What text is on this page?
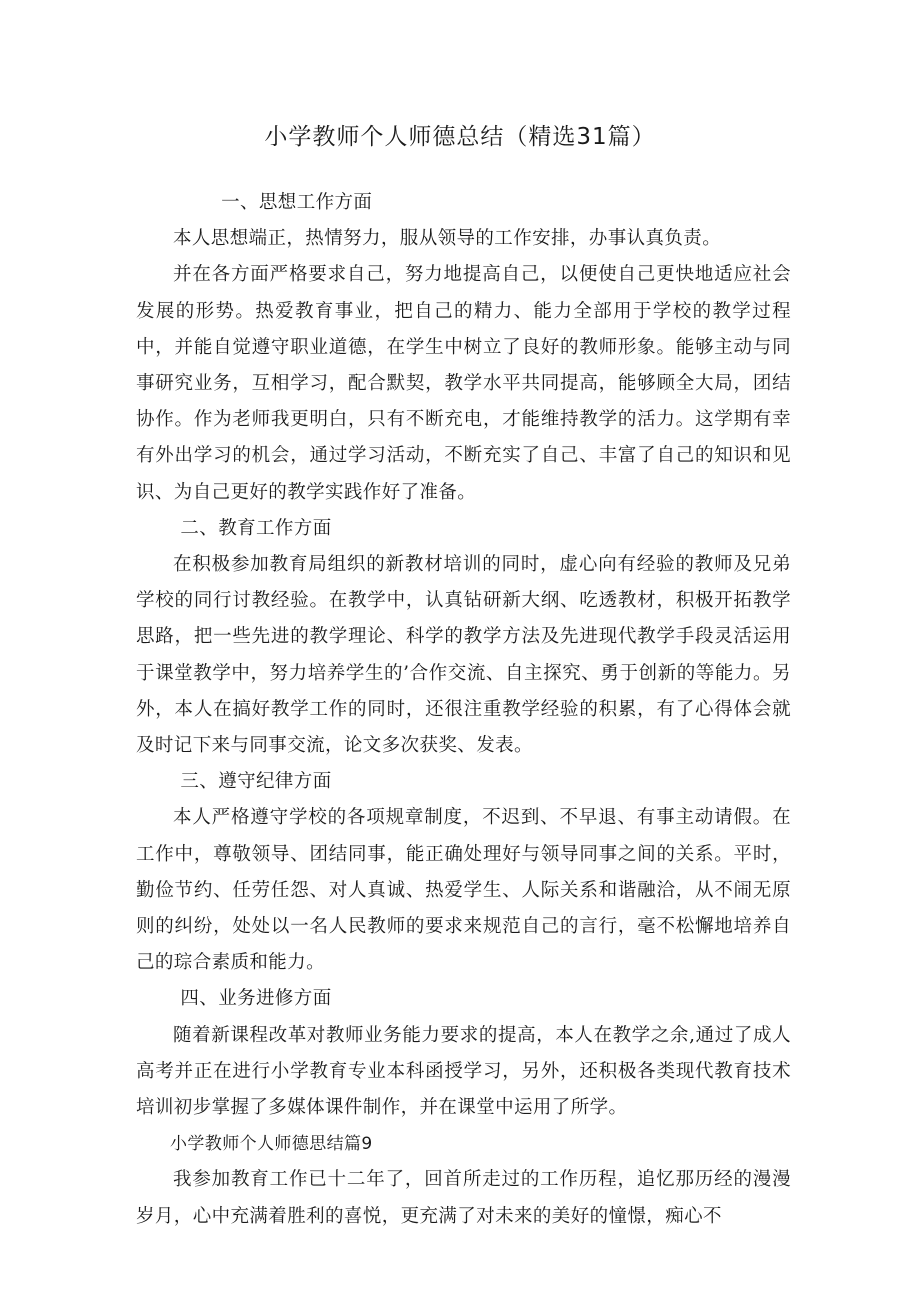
小学教师个人师德总结（精选31篇）

一、思想工作方面

本人思想端正，热情努力，服从领导的工作安排，办事认真负责。

并在各方面严格要求自己，努力地提高自己，以便使自己更快地适应社会发展的形势。热爱教育事业，把自己的精力、能力全部用于学校的教学过程中，并能自觉遵守职业道德，在学生中树立了良好的教师形象。能够主动与同事研究业务，互相学习，配合默契，教学水平共同提高，能够顾全大局，团结协作。作为老师我更明白，只有不断充电，才能维持教学的活力。这学期有幸有外出学习的机会，通过学习活动，不断充实了自己、丰富了自己的知识和见识、为自己更好的教学实践作好了准备。

二、教育工作方面

在积极参加教育局组织的新教材培训的同时，虚心向有经验的教师及兄弟学校的同行讨教经验。在教学中，认真钻研新大纲、吃透教材，积极开拓教学思路，把一些先进的教学理论、科学的教学方法及先进现代教学手段灵活运用于课堂教学中，努力培养学生的’合作交流、自主探究、勇于创新的等能力。另外，本人在搞好教学工作的同时，还很注重教学经验的积累，有了心得体会就及时记下来与同事交流，论文多次获奖、发表。

三、遵守纪律方面

本人严格遵守学校的各项规章制度，不迟到、不早退、有事主动请假。在工作中，尊敬领导、团结同事，能正确处理好与领导同事之间的关系。平时，勤俭节约、任劳任怨、对人真诚、热爱学生、人际关系和谐融洽，从不闹无原则的纠纷，处处以一名人民教师的要求来规范自己的言行，毫不松懈地培养自己的琮合素质和能力。

四、业务进修方面

随着新课程改革对教师业务能力要求的提高，本人在教学之余,通过了成人高考并正在进行小学教育专业本科函授学习，另外，还积极各类现代教育技术培训初步掌握了多媒体课件制作，并在课堂中运用了所学。

小学教师个人师德思结篇9

我参加教育工作已十二年了，回首所走过的工作历程，追忆那历经的漫漫岁月，心中充满着胜利的喜悦，更充满了对未来的美好的憧憬，痴心不
